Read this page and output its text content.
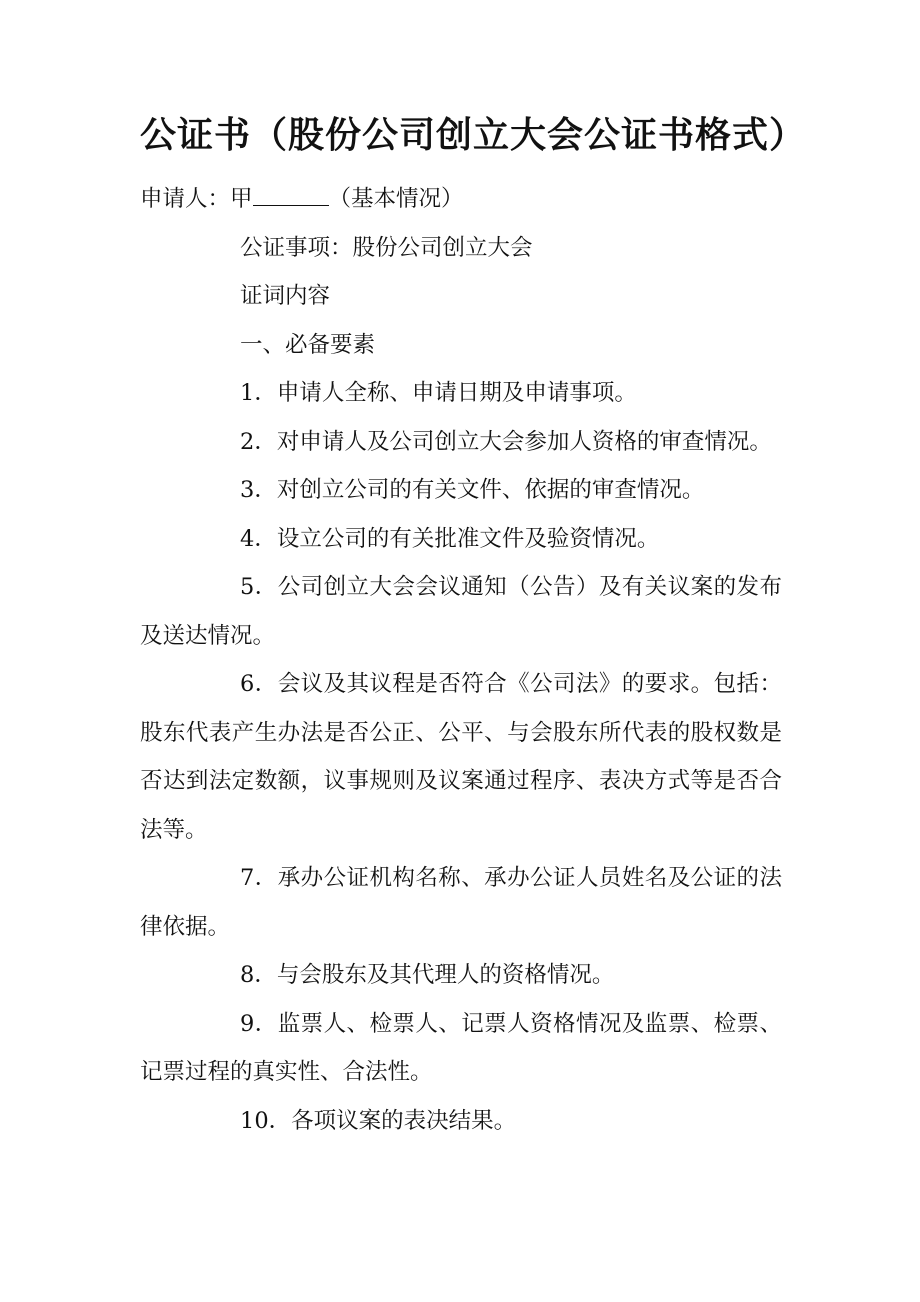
公证书（股份公司创立大会公证书格式）

申请人：甲	（基本情况）

公证事项：股份公司创立大会

证词内容

一、必备要素

1．申请人全称、申请日期及申请事项。

2．对申请人及公司创立大会参加人资格的审查情况。

3．对创立公司的有关文件、依据的审查情况。

4．设立公司的有关批准文件及验资情况。

5．公司创立大会会议通知（公告）及有关议案的发布及送达情况。

6．会议及其议程是否符合《公司法》的要求。包括：股东代表产生办法是否公正、公平、与会股东所代表的股权数是否达到法定数额，议事规则及议案通过程序、表决方式等是否合法等。

7．承办公证机构名称、承办公证人员姓名及公证的法律依据。

8．与会股东及其代理人的资格情况。

9．监票人、检票人、记票人资格情况及监票、检票、记票过程的真实性、合法性。

10．各项议案的表决结果。
